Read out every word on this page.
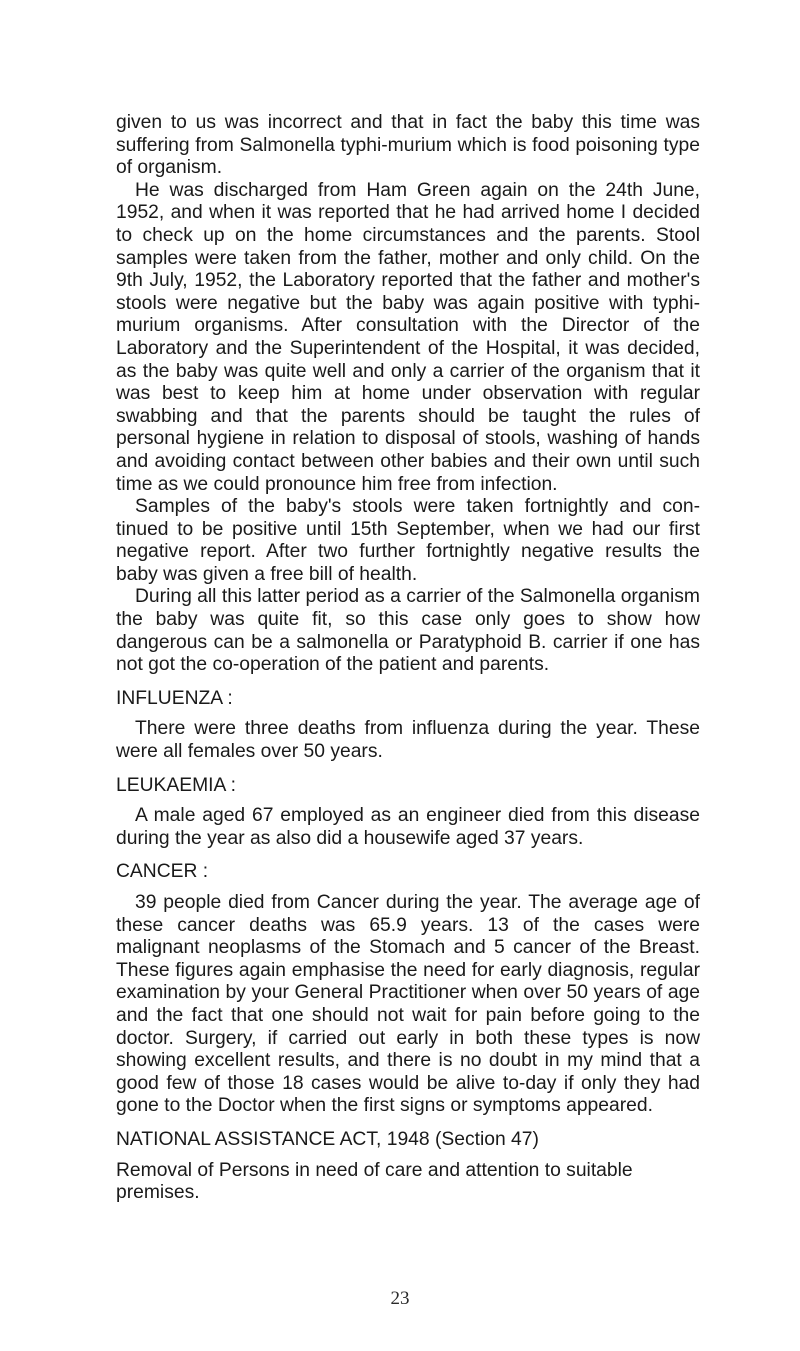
given to us was incorrect and that in fact the baby this time was suffering from Salmonella typhi-murium which is food poisoning type of organism.

He was discharged from Ham Green again on the 24th June, 1952, and when it was reported that he had arrived home I decided to check up on the home circumstances and the parents. Stool samples were taken from the father, mother and only child. On the 9th July, 1952, the Laboratory reported that the father and mother's stools were negative but the baby was again positive with typhi-murium organisms. After consultation with the Director of the Laboratory and the Superintendent of the Hospital, it was decided, as the baby was quite well and only a carrier of the organism that it was best to keep him at home under observation with regular swabbing and that the parents should be taught the rules of personal hygiene in relation to disposal of stools, washing of hands and avoiding contact between other babies and their own until such time as we could pronounce him free from infection.

Samples of the baby's stools were taken fortnightly and con- tinued to be positive until 15th September, when we had our first negative report. After two further fortnightly negative results the baby was given a free bill of health.

During all this latter period as a carrier of the Salmonella organism the baby was quite fit, so this case only goes to show how dangerous can be a salmonella or Paratyphoid B. carrier if one has not got the co-operation of the patient and parents.

INFLUENZA :

There were three deaths from influenza during the year. These were all females over 50 years.

LEUKAEMIA :

A male aged 67 employed as an engineer died from this disease during the year as also did a housewife aged 37 years.

CANCER :

39 people died from Cancer during the year. The average age of these cancer deaths was 65.9 years. 13 of the cases were malignant neoplasms of the Stomach and 5 cancer of the Breast. These figures again emphasise the need for early diagnosis, regular examination by your General Practitioner when over 50 years of age and the fact that one should not wait for pain before going to the doctor. Surgery, if carried out early in both these types is now showing excellent results, and there is no doubt in my mind that a good few of those 18 cases would be alive to-day if only they had gone to the Doctor when the first signs or symptoms appeared.

NATIONAL ASSISTANCE ACT, 1948 (Section 47)

Removal of Persons in need of care and attention to suitable premises.

23
